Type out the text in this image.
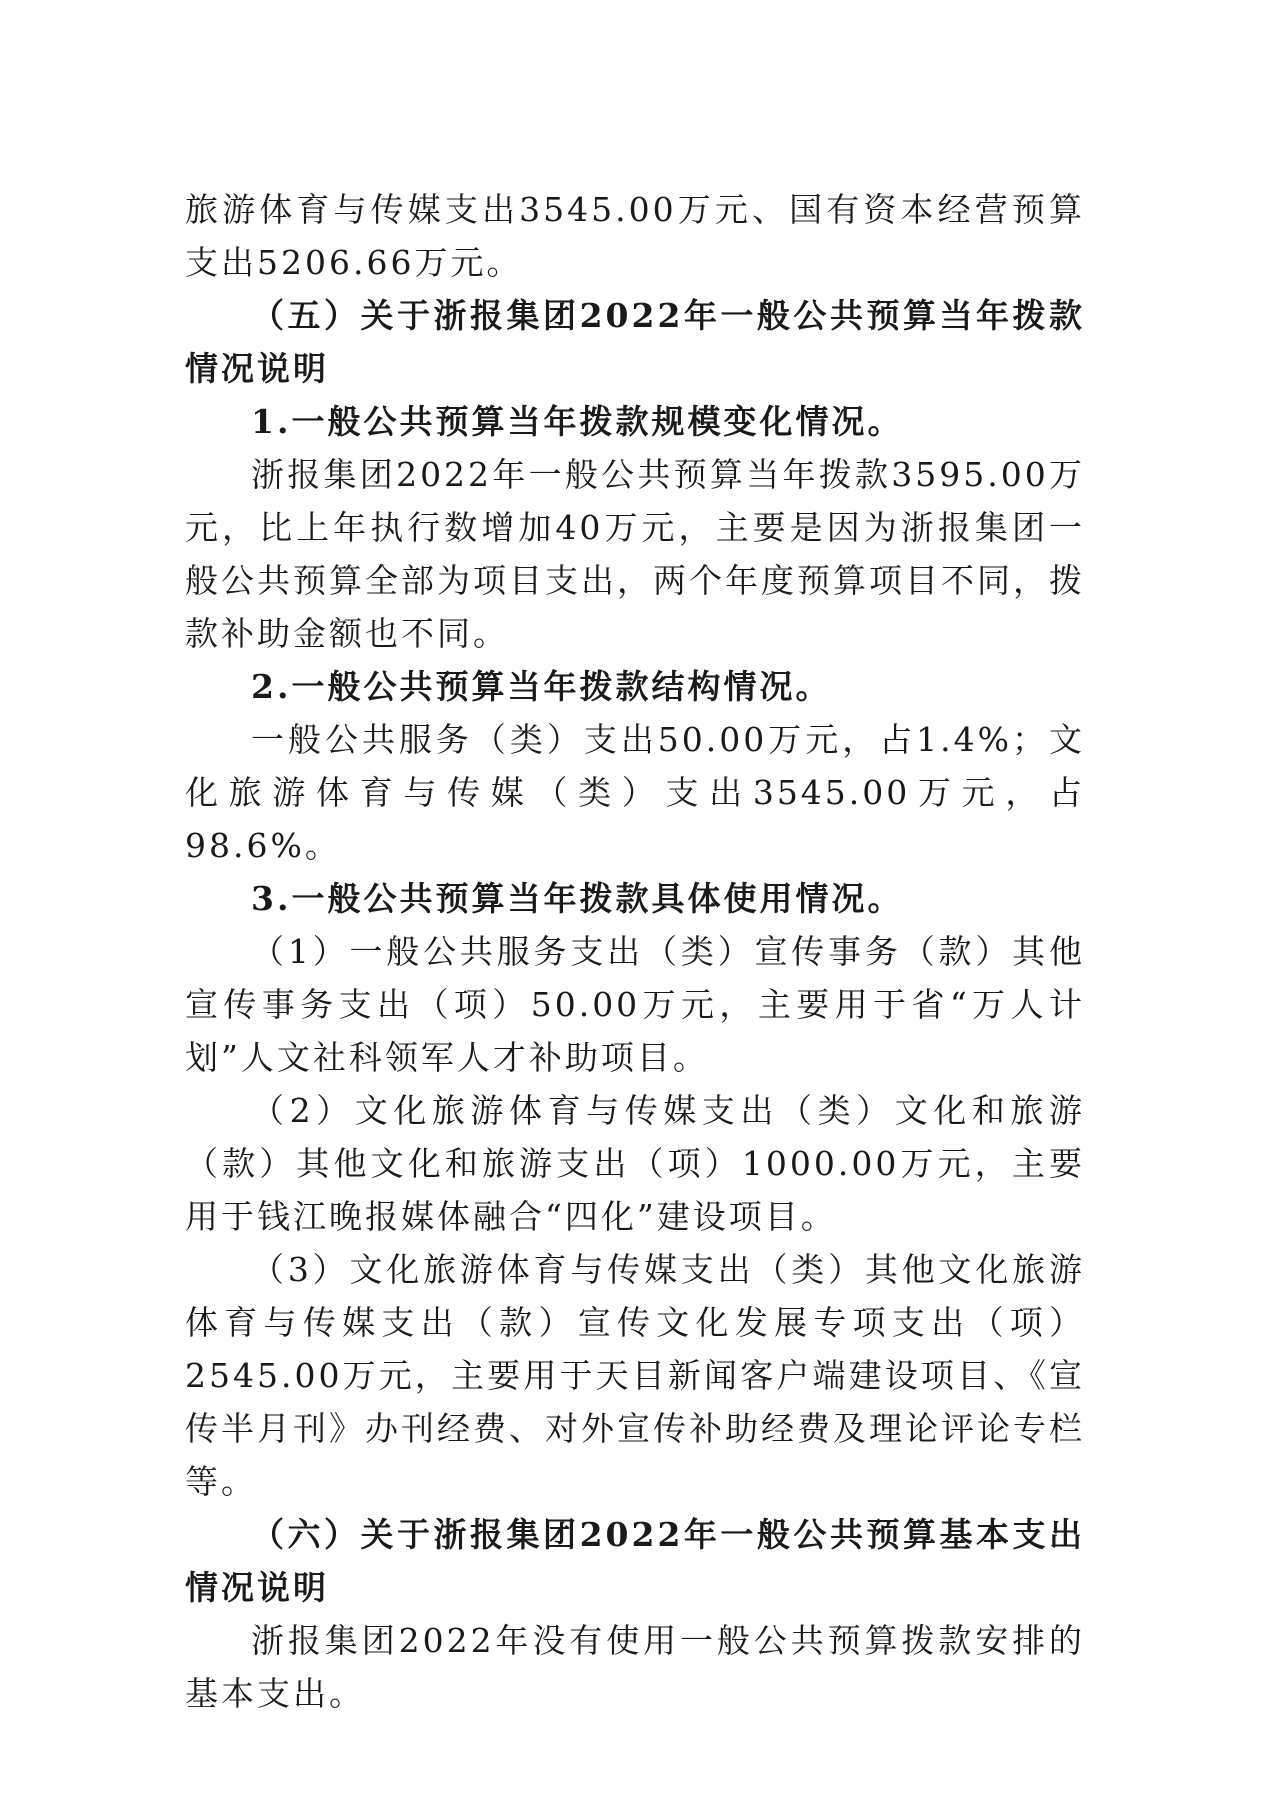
旅游体育与传媒支出3545.00万元、国有资本经营预算支出5206.66万元。

（五）关于浙报集团2022年一般公共预算当年拨款情况说明

1.一般公共预算当年拨款规模变化情况。

浙报集团2022年一般公共预算当年拨款3595.00万元，比上年执行数增加40万元，主要是因为浙报集团一般公共预算全部为项目支出，两个年度预算项目不同，拨款补助金额也不同。

2.一般公共预算当年拨款结构情况。

一般公共服务（类）支出50.00万元，占1.4%；文化旅游体育与传媒（类）支出3545.00万元，占98.6%。

3.一般公共预算当年拨款具体使用情况。

（1）一般公共服务支出（类）宣传事务（款）其他宣传事务支出（项）50.00万元，主要用于省“万人计划”人文社科领军人才补助项目。

（2）文化旅游体育与传媒支出（类）文化和旅游（款）其他文化和旅游支出（项）1000.00万元，主要用于钱江晚报媒体融合“四化”建设项目。

（3）文化旅游体育与传媒支出（类）其他文化旅游体育与传媒支出（款）宣传文化发展专项支出（项）2545.00万元，主要用于天目新闻客户端建设项目、《宣传半月刊》办刊经费、对外宣传补助经费及理论评论专栏等。

（六）关于浙报集团2022年一般公共预算基本支出情况说明

浙报集团2022年没有使用一般公共预算拨款安排的基本支出。
